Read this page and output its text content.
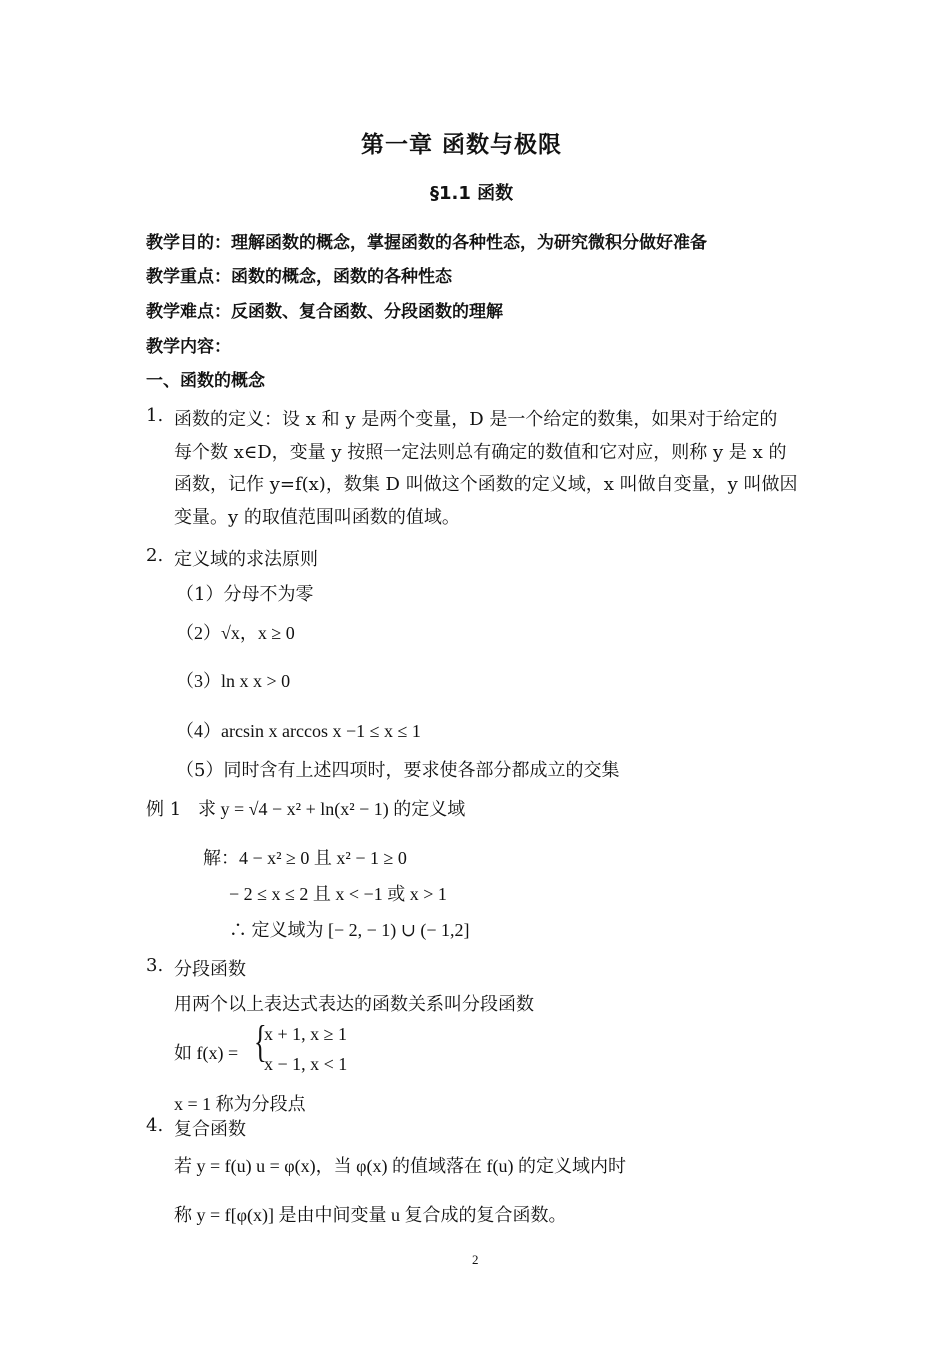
第一章 函数与极限
§1.1 函数
教学目的：理解函数的概念，掌握函数的各种性态，为研究微积分做好准备
教学重点：函数的概念，函数的各种性态
教学难点：反函数、复合函数、分段函数的理解
教学内容：
一、函数的概念
1. 函数的定义：设 x 和 y 是两个变量，D 是一个给定的数集，如果对于给定的
每个数 x∈D，变量 y 按照一定法则总有确定的数值和它对应，则称 y 是 x 的
函数，记作 y=f(x)，数集 D 叫做这个函数的定义域，x 叫做自变量，y 叫做因
变量。y 的取值范围叫函数的值域。
2. 定义域的求法原则
（1）分母不为零
（2）√x，x ≥ 0
（3）ln x x > 0
（4）arcsin x arccos x −1 ≤ x ≤ 1
（5）同时含有上述四项时，要求使各部分都成立的交集
例 1 求 y = √4 − x² + ln(x² − 1) 的定义域
解：4 − x² ≥ 0 且 x² − 1 ≥ 0
− 2 ≤ x ≤ 2 且 x < −1 或 x > 1
∴ 定义域为 [− 2, − 1) ∪ (− 1,2]
3. 分段函数
用两个以上表达式表达的函数关系叫分段函数
如 f(x) = {
x + 1, x ≥ 1
x − 1, x < 1
x = 1 称为分段点
4. 复合函数
若 y = f(u) u = φ(x)，当 φ(x) 的值域落在 f(u) 的定义域内时
称 y = f[φ(x)] 是由中间变量 u 复合成的复合函数。
2
